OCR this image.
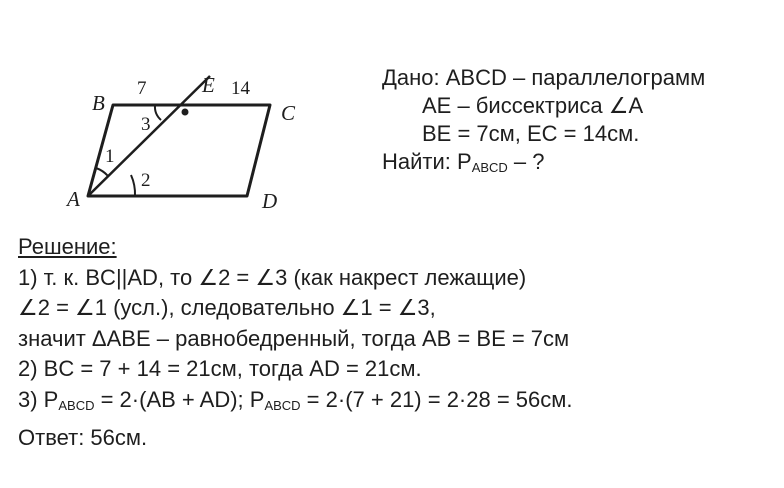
B	C
A	D
E
7	14
1
2
3
Дано: ABCD – параллелограмм
AE – биссектриса ∠A
BE = 7см, EC = 14см.
Найти: $P_{ABCD}$ – ?
Решение:
1) т. к. BC||AD, то ∠2 = ∠3 (как накрест лежащие)
∠2 = ∠1 (усл.), следовательно ∠1 = ∠3,
значит ΔABE – равнобедренный, тогда AB = BE = 7см
2) BC = 7 + 14 = 21см, тогда AD = 21см.
3) $P_{ABCD} = 2\cdot(AB + AD)$; $P_{ABCD} = 2\cdot(7 + 21) = 2\cdot 28 = 56см$.
Ответ: 56см.
